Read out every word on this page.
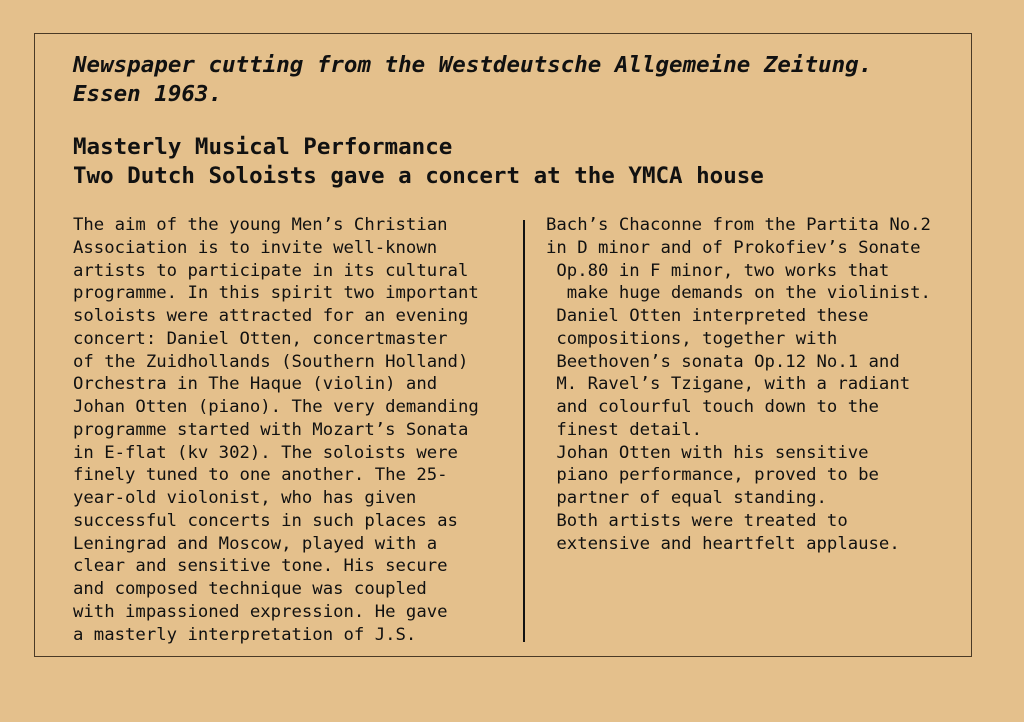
Newspaper cutting from the Westdeutsche Allgemeine Zeitung.
Essen 1963.
Masterly Musical Performance
Two Dutch Soloists gave a concert at the YMCA house
The aim of the young Men’s Christian
Association is to invite well-known
artists to participate in its cultural
programme. In this spirit two important
soloists were attracted for an evening
concert: Daniel Otten, concertmaster
of the Zuidhollands (Southern Holland)
Orchestra in The Haque (violin) and
Johan Otten (piano). The very demanding
programme started with Mozart’s Sonata
in E-flat (kv 302). The soloists were
finely tuned to one another. The 25-
year-old violonist, who has given
successful concerts in such places as
Leningrad and Moscow, played with a
clear and sensitive tone. His secure
and composed technique was coupled
with impassioned expression. He gave
a masterly interpretation of J.S.
Bach’s Chaconne from the Partita No.2
in D minor and of Prokofiev’s Sonate
Op.80 in F minor, two works that
make huge demands on the violinist.
Daniel Otten interpreted these
compositions, together with
Beethoven’s sonata Op.12 No.1 and
M. Ravel’s Tzigane, with a radiant
and colourful touch down to the
finest detail.
Johan Otten with his sensitive
piano performance, proved to be
partner of equal standing.
Both artists were treated to
extensive and heartfelt applause.
